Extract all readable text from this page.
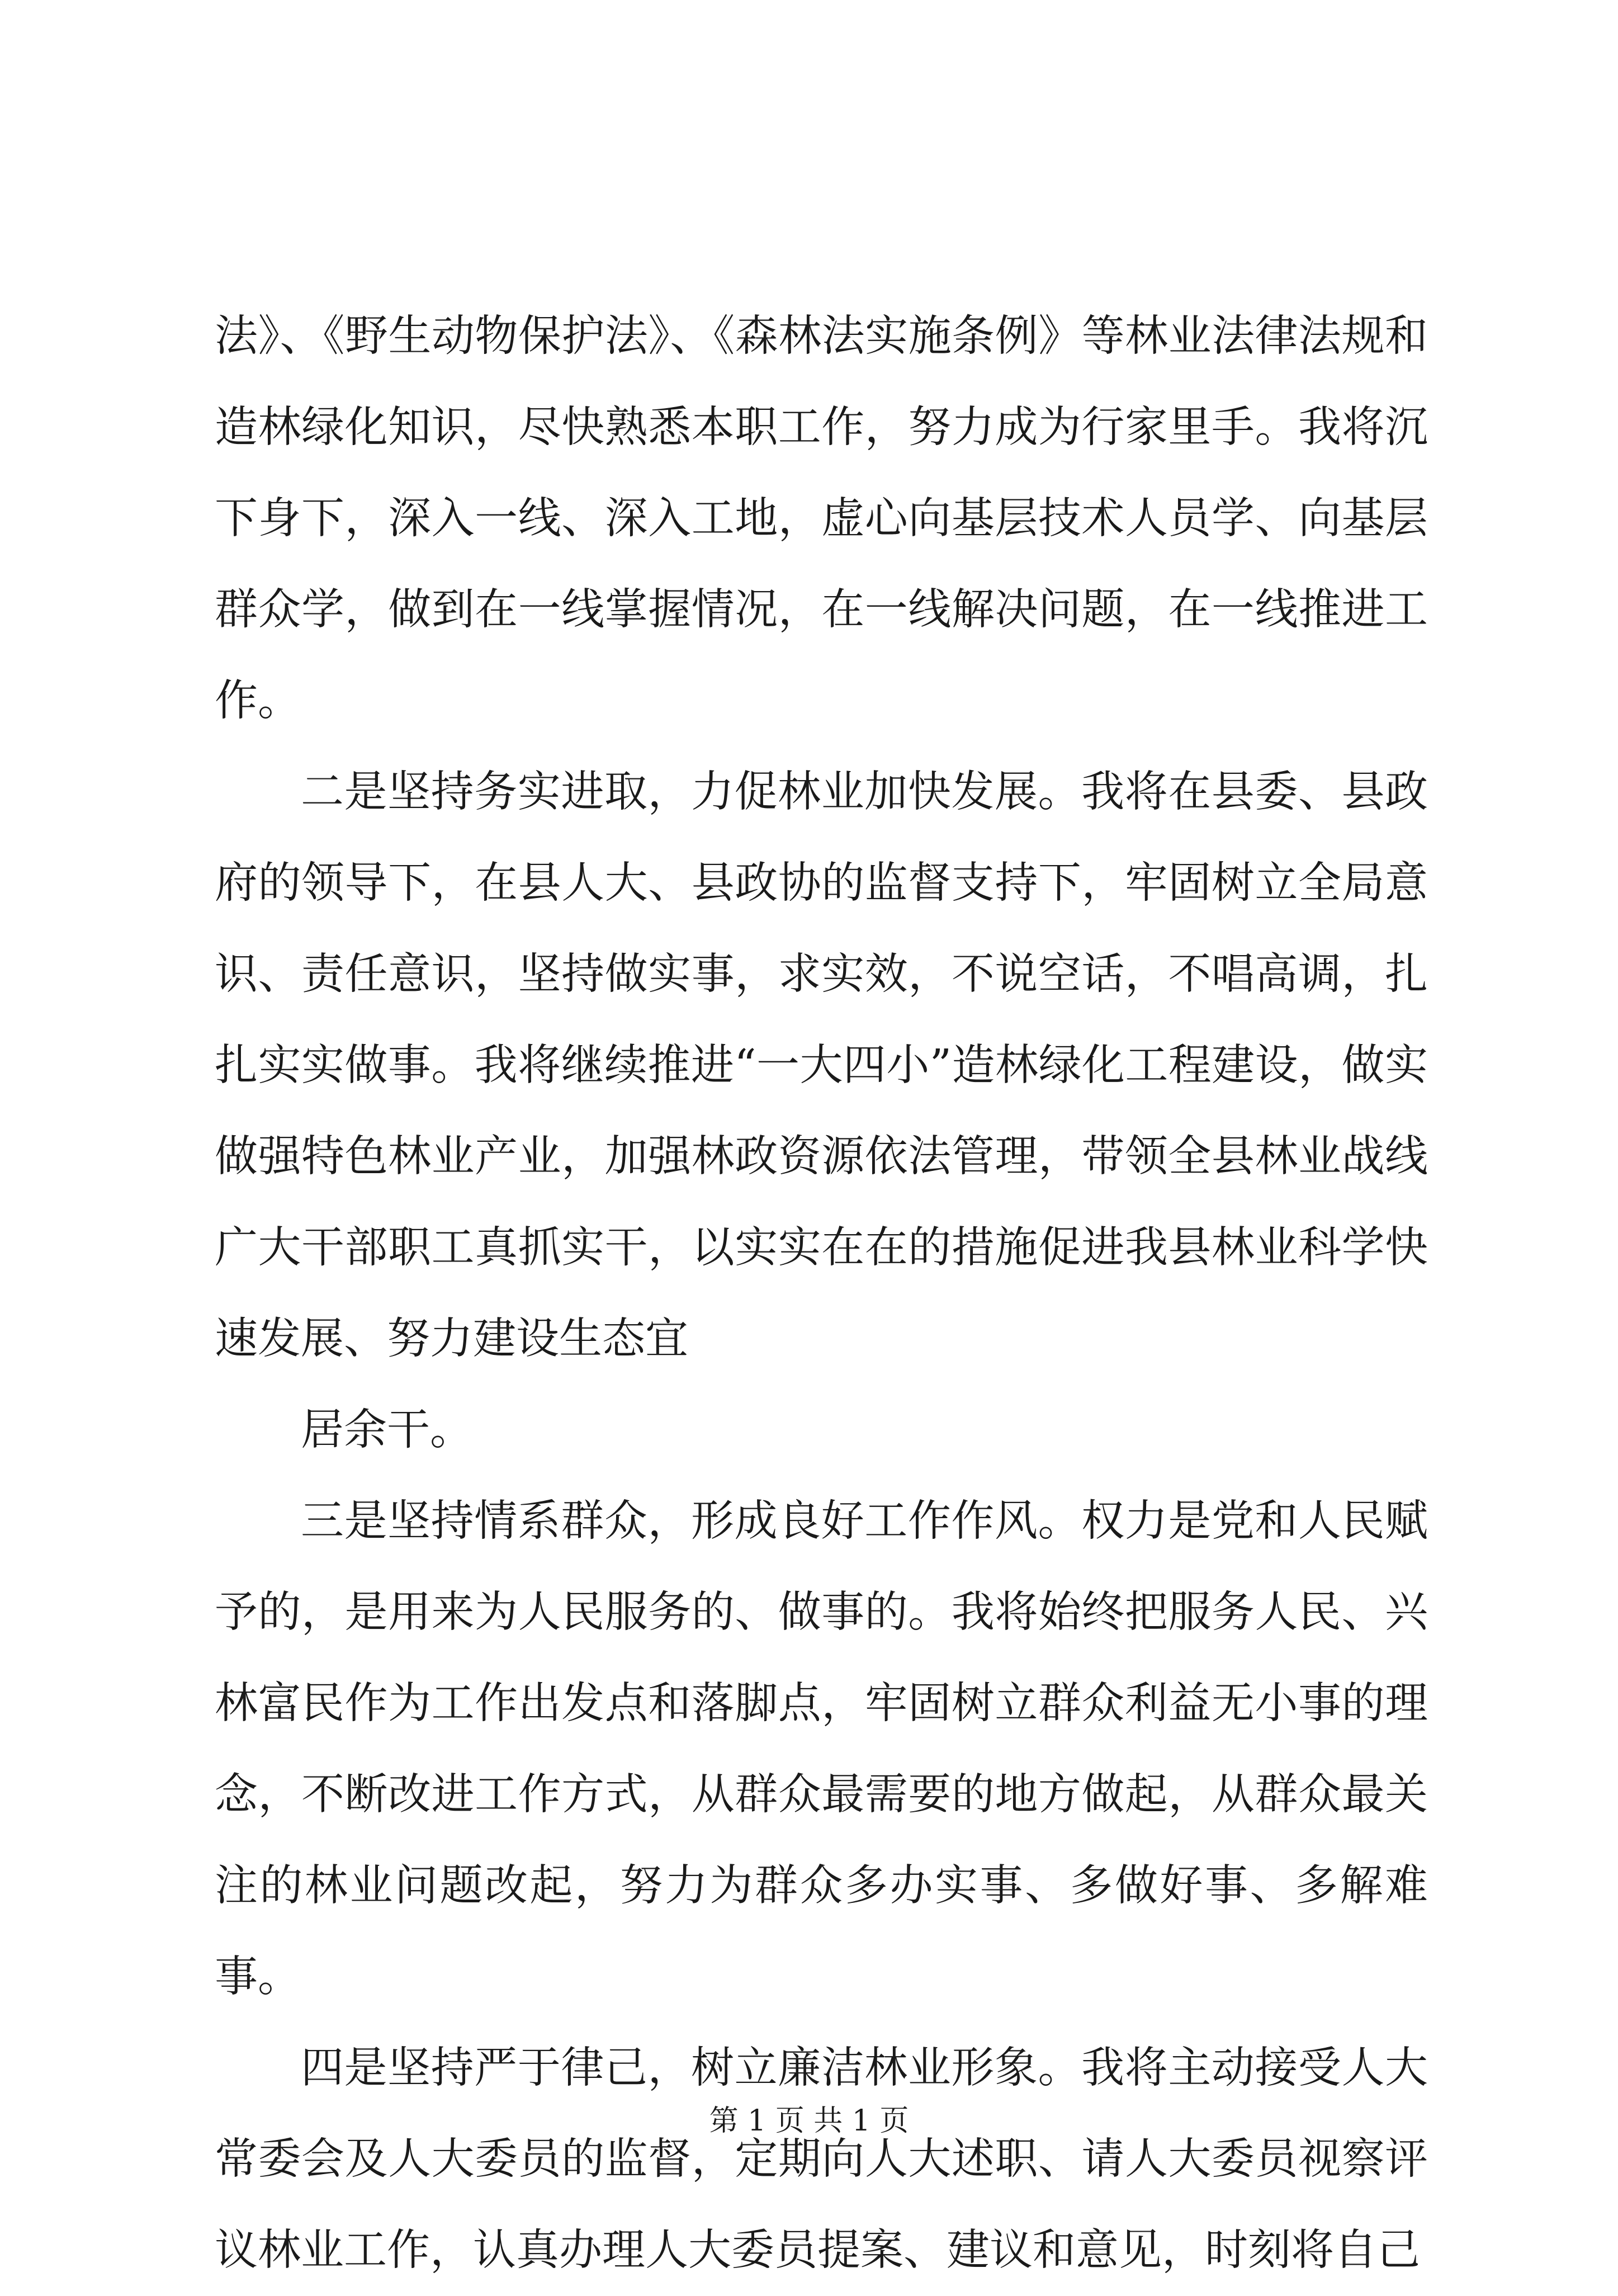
法》、《野生动物保护法》、《森林法实施条例》等林业法律法规和造林绿化知识，尽快熟悉本职工作，努力成为行家里手。我将沉下身下，深入一线、深入工地，虚心向基层技术人员学、向基层群众学，做到在一线掌握情况，在一线解决问题，在一线推进工作。

二是坚持务实进取，力促林业加快发展。我将在县委、县政府的领导下，在县人大、县政协的监督支持下，牢固树立全局意识、责任意识，坚持做实事，求实效，不说空话，不唱高调，扎扎实实做事。我将继续推进“一大四小”造林绿化工程建设，做实做强特色林业产业，加强林政资源依法管理，带领全县林业战线广大干部职工真抓实干，以实实在在的措施促进我县林业科学快速发展、努力建设生态宜

居余干。

三是坚持情系群众，形成良好工作作风。权力是党和人民赋予的，是用来为人民服务的、做事的。我将始终把服务人民、兴林富民作为工作出发点和落脚点，牢固树立群众利益无小事的理念，不断改进工作方式，从群众最需要的地方做起，从群众最关注的林业问题改起，努力为群众多办实事、多做好事、多解难事。

四是坚持严于律己，树立廉洁林业形象。我将主动接受人大常委会及人大委员的监督，定期向人大述职、请人大委员视察评议林业工作，认真办理人大委员提案、建议和意见，时刻将自己

第 1 页 共 1 页
